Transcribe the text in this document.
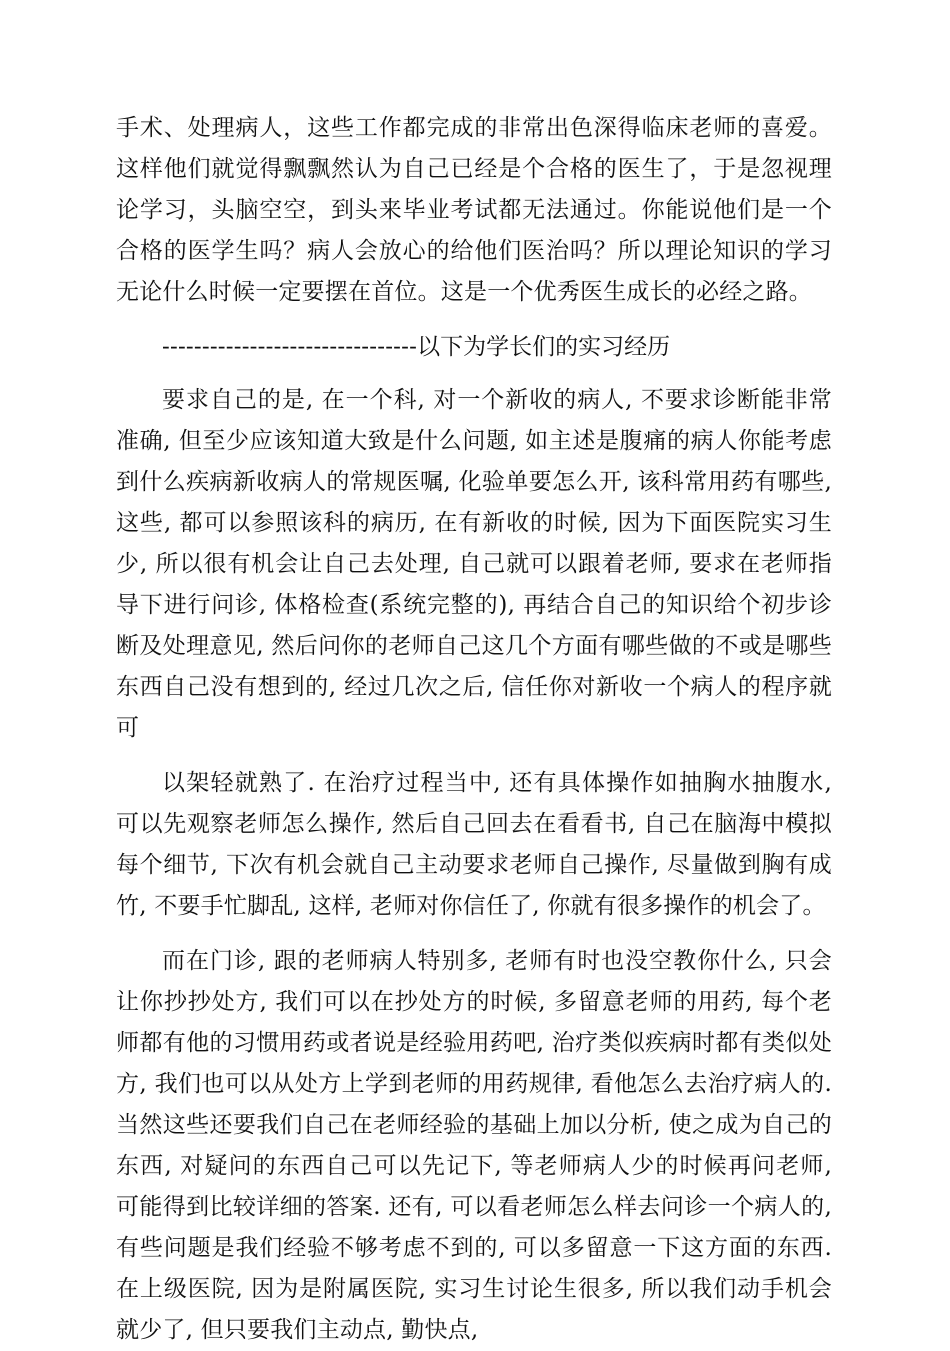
手术、处理病人，这些工作都完成的非常出色深得临床老师的喜爱。这样他们就觉得飘飘然认为自己已经是个合格的医生了，于是忽视理论学习，头脑空空，到头来毕业考试都无法通过。你能说他们是一个合格的医学生吗？病人会放心的给他们医治吗？所以理论知识的学习无论什么时候一定要摆在首位。这是一个优秀医生成长的必经之路。

--------------------------------以下为学长们的实习经历

要求自己的是, 在一个科, 对一个新收的病人, 不要求诊断能非常准确, 但至少应该知道大致是什么问题, 如主述是腹痛的病人你能考虑到什么疾病新收病人的常规医嘱, 化验单要怎么开, 该科常用药有哪些, 这些, 都可以参照该科的病历, 在有新收的时候, 因为下面医院实习生少, 所以很有机会让自己去处理, 自己就可以跟着老师, 要求在老师指导下进行问诊, 体格检查(系统完整的), 再结合自己的知识给个初步诊断及处理意见, 然后问你的老师自己这几个方面有哪些做的不或是哪些东西自己没有想到的, 经过几次之后, 信任你对新收一个病人的程序就可

以架轻就熟了. 在治疗过程当中, 还有具体操作如抽胸水抽腹水, 可以先观察老师怎么操作, 然后自己回去在看看书, 自己在脑海中模拟每个细节, 下次有机会就自己主动要求老师自己操作, 尽量做到胸有成竹, 不要手忙脚乱, 这样, 老师对你信任了, 你就有很多操作的机会了。

而在门诊, 跟的老师病人特别多, 老师有时也没空教你什么, 只会让你抄抄处方, 我们可以在抄处方的时候, 多留意老师的用药, 每个老师都有他的习惯用药或者说是经验用药吧, 治疗类似疾病时都有类似处方, 我们也可以从处方上学到老师的用药规律, 看他怎么去治疗病人的. 当然这些还要我们自己在老师经验的基础上加以分析, 使之成为自己的东西, 对疑问的东西自己可以先记下, 等老师病人少的时候再问老师, 可能得到比较详细的答案. 还有, 可以看老师怎么样去问诊一个病人的, 有些问题是我们经验不够考虑不到的, 可以多留意一下这方面的东西. 在上级医院, 因为是附属医院, 实习生讨论生很多, 所以我们动手机会就少了, 但只要我们主动点, 勤快点,
